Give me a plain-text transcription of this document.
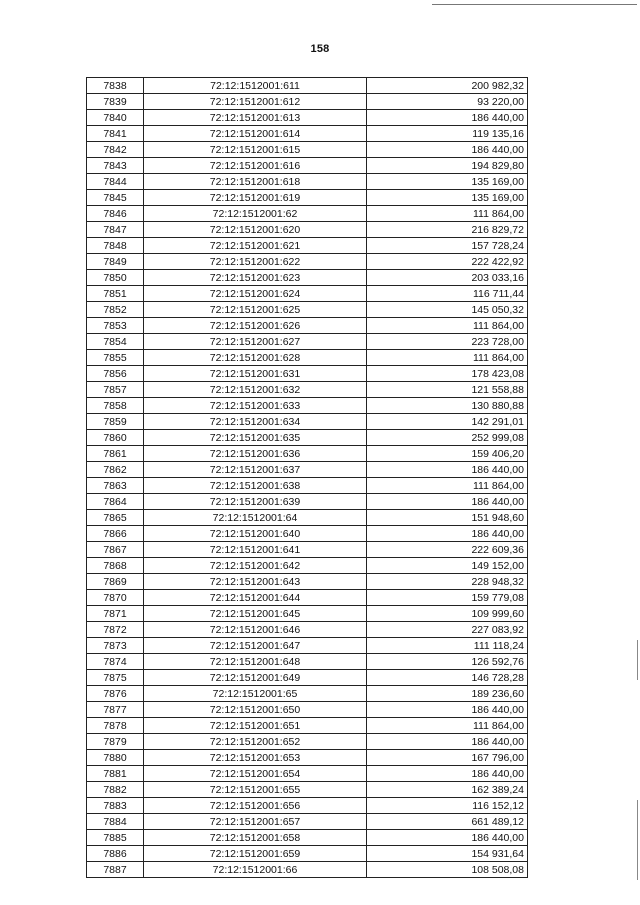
158
7838	72:12:1512001:611	200 982,32
7839	72:12:1512001:612	93 220,00
7840	72:12:1512001:613	186 440,00
7841	72:12:1512001:614	119 135,16
7842	72:12:1512001:615	186 440,00
7843	72:12:1512001:616	194 829,80
7844	72:12:1512001:618	135 169,00
7845	72:12:1512001:619	135 169,00
7846	72:12:1512001:62	111 864,00
7847	72:12:1512001:620	216 829,72
7848	72:12:1512001:621	157 728,24
7849	72:12:1512001:622	222 422,92
7850	72:12:1512001:623	203 033,16
7851	72:12:1512001:624	116 711,44
7852	72:12:1512001:625	145 050,32
7853	72:12:1512001:626	111 864,00
7854	72:12:1512001:627	223 728,00
7855	72:12:1512001:628	111 864,00
7856	72:12:1512001:631	178 423,08
7857	72:12:1512001:632	121 558,88
7858	72:12:1512001:633	130 880,88
7859	72:12:1512001:634	142 291,01
7860	72:12:1512001:635	252 999,08
7861	72:12:1512001:636	159 406,20
7862	72:12:1512001:637	186 440,00
7863	72:12:1512001:638	111 864,00
7864	72:12:1512001:639	186 440,00
7865	72:12:1512001:64	151 948,60
7866	72:12:1512001:640	186 440,00
7867	72:12:1512001:641	222 609,36
7868	72:12:1512001:642	149 152,00
7869	72:12:1512001:643	228 948,32
7870	72:12:1512001:644	159 779,08
7871	72:12:1512001:645	109 999,60
7872	72:12:1512001:646	227 083,92
7873	72:12:1512001:647	111 118,24
7874	72:12:1512001:648	126 592,76
7875	72:12:1512001:649	146 728,28
7876	72:12:1512001:65	189 236,60
7877	72:12:1512001:650	186 440,00
7878	72:12:1512001:651	111 864,00
7879	72:12:1512001:652	186 440,00
7880	72:12:1512001:653	167 796,00
7881	72:12:1512001:654	186 440,00
7882	72:12:1512001:655	162 389,24
7883	72:12:1512001:656	116 152,12
7884	72:12:1512001:657	661 489,12
7885	72:12:1512001:658	186 440,00
7886	72:12:1512001:659	154 931,64
7887	72:12:1512001:66	108 508,08
